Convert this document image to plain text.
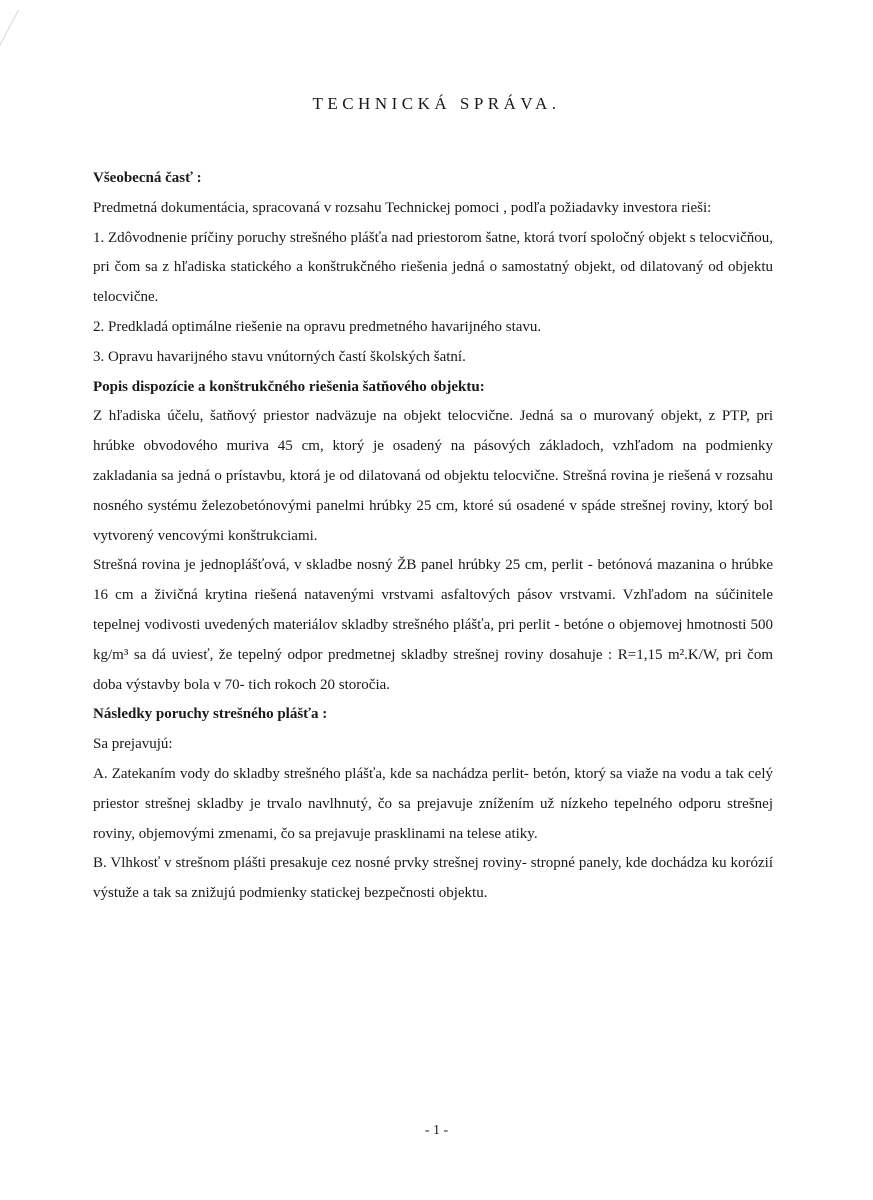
TECHNICKÁ SPRÁVA.

Všeobecná časť :

Predmetná dokumentácia, spracovaná v rozsahu Technickej pomoci , podľa požiadavky investora rieši:

1. Zdôvodnenie príčiny poruchy strešného plášťa nad priestorom šatne, ktorá tvorí spoločný objekt s telocvičňou, pri čom sa z hľadiska statického a konštrukčného riešenia jedná o samostatný objekt, od dilatovaný od objektu telocvične.

2. Predkladá optimálne riešenie na opravu predmetného havarijného stavu.

3. Opravu havarijného stavu vnútorných častí školských šatní.

Popis dispozície a konštrukčného riešenia šatňového objektu:

Z hľadiska účelu, šatňový priestor nadväzuje na objekt telocvične. Jedná sa o murovaný objekt, z PTP, pri hrúbke obvodového muriva 45 cm, ktorý je osadený na pásových základoch, vzhľadom na podmienky zakladania sa jedná o prístavbu, ktorá je od dilatovaná od objektu telocvične. Strešná rovina je riešená v rozsahu nosného systému železobetónovými panelmi hrúbky 25 cm, ktoré sú osadené v spáde strešnej roviny, ktorý bol vytvorený vencovými konštrukciami.

Strešná rovina je jednoplášťová, v skladbe nosný ŽB panel hrúbky 25 cm, perlit - betónová mazanina o hrúbke 16 cm a živičná krytina riešená natavenými vrstvami asfaltových pásov vrstvami. Vzhľadom na súčinitele tepelnej vodivosti uvedených materiálov skladby strešného plášťa, pri perlit - betóne o objemovej hmotnosti 500 kg/m³ sa dá uviesť, že tepelný odpor predmetnej skladby strešnej roviny dosahuje : R=1,15 m².K/W, pri čom doba výstavby bola v 70- tich rokoch 20 storočia.

Následky poruchy strešného plášťa :

Sa prejavujú:

A. Zatekaním vody do skladby strešného plášťa, kde sa nachádza perlit- betón, ktorý sa viaže na vodu a tak celý priestor strešnej skladby je trvalo navlhnutý, čo sa prejavuje znížením už nízkeho tepelného odporu strešnej roviny, objemovými zmenami, čo sa prejavuje prasklinami na telese atiky.

B. Vlhkosť v strešnom plášti presakuje cez nosné prvky strešnej roviny- stropné panely, kde dochádza ku korózií výstuže a tak sa znižujú podmienky statickej bezpečnosti objektu.

- 1 -
